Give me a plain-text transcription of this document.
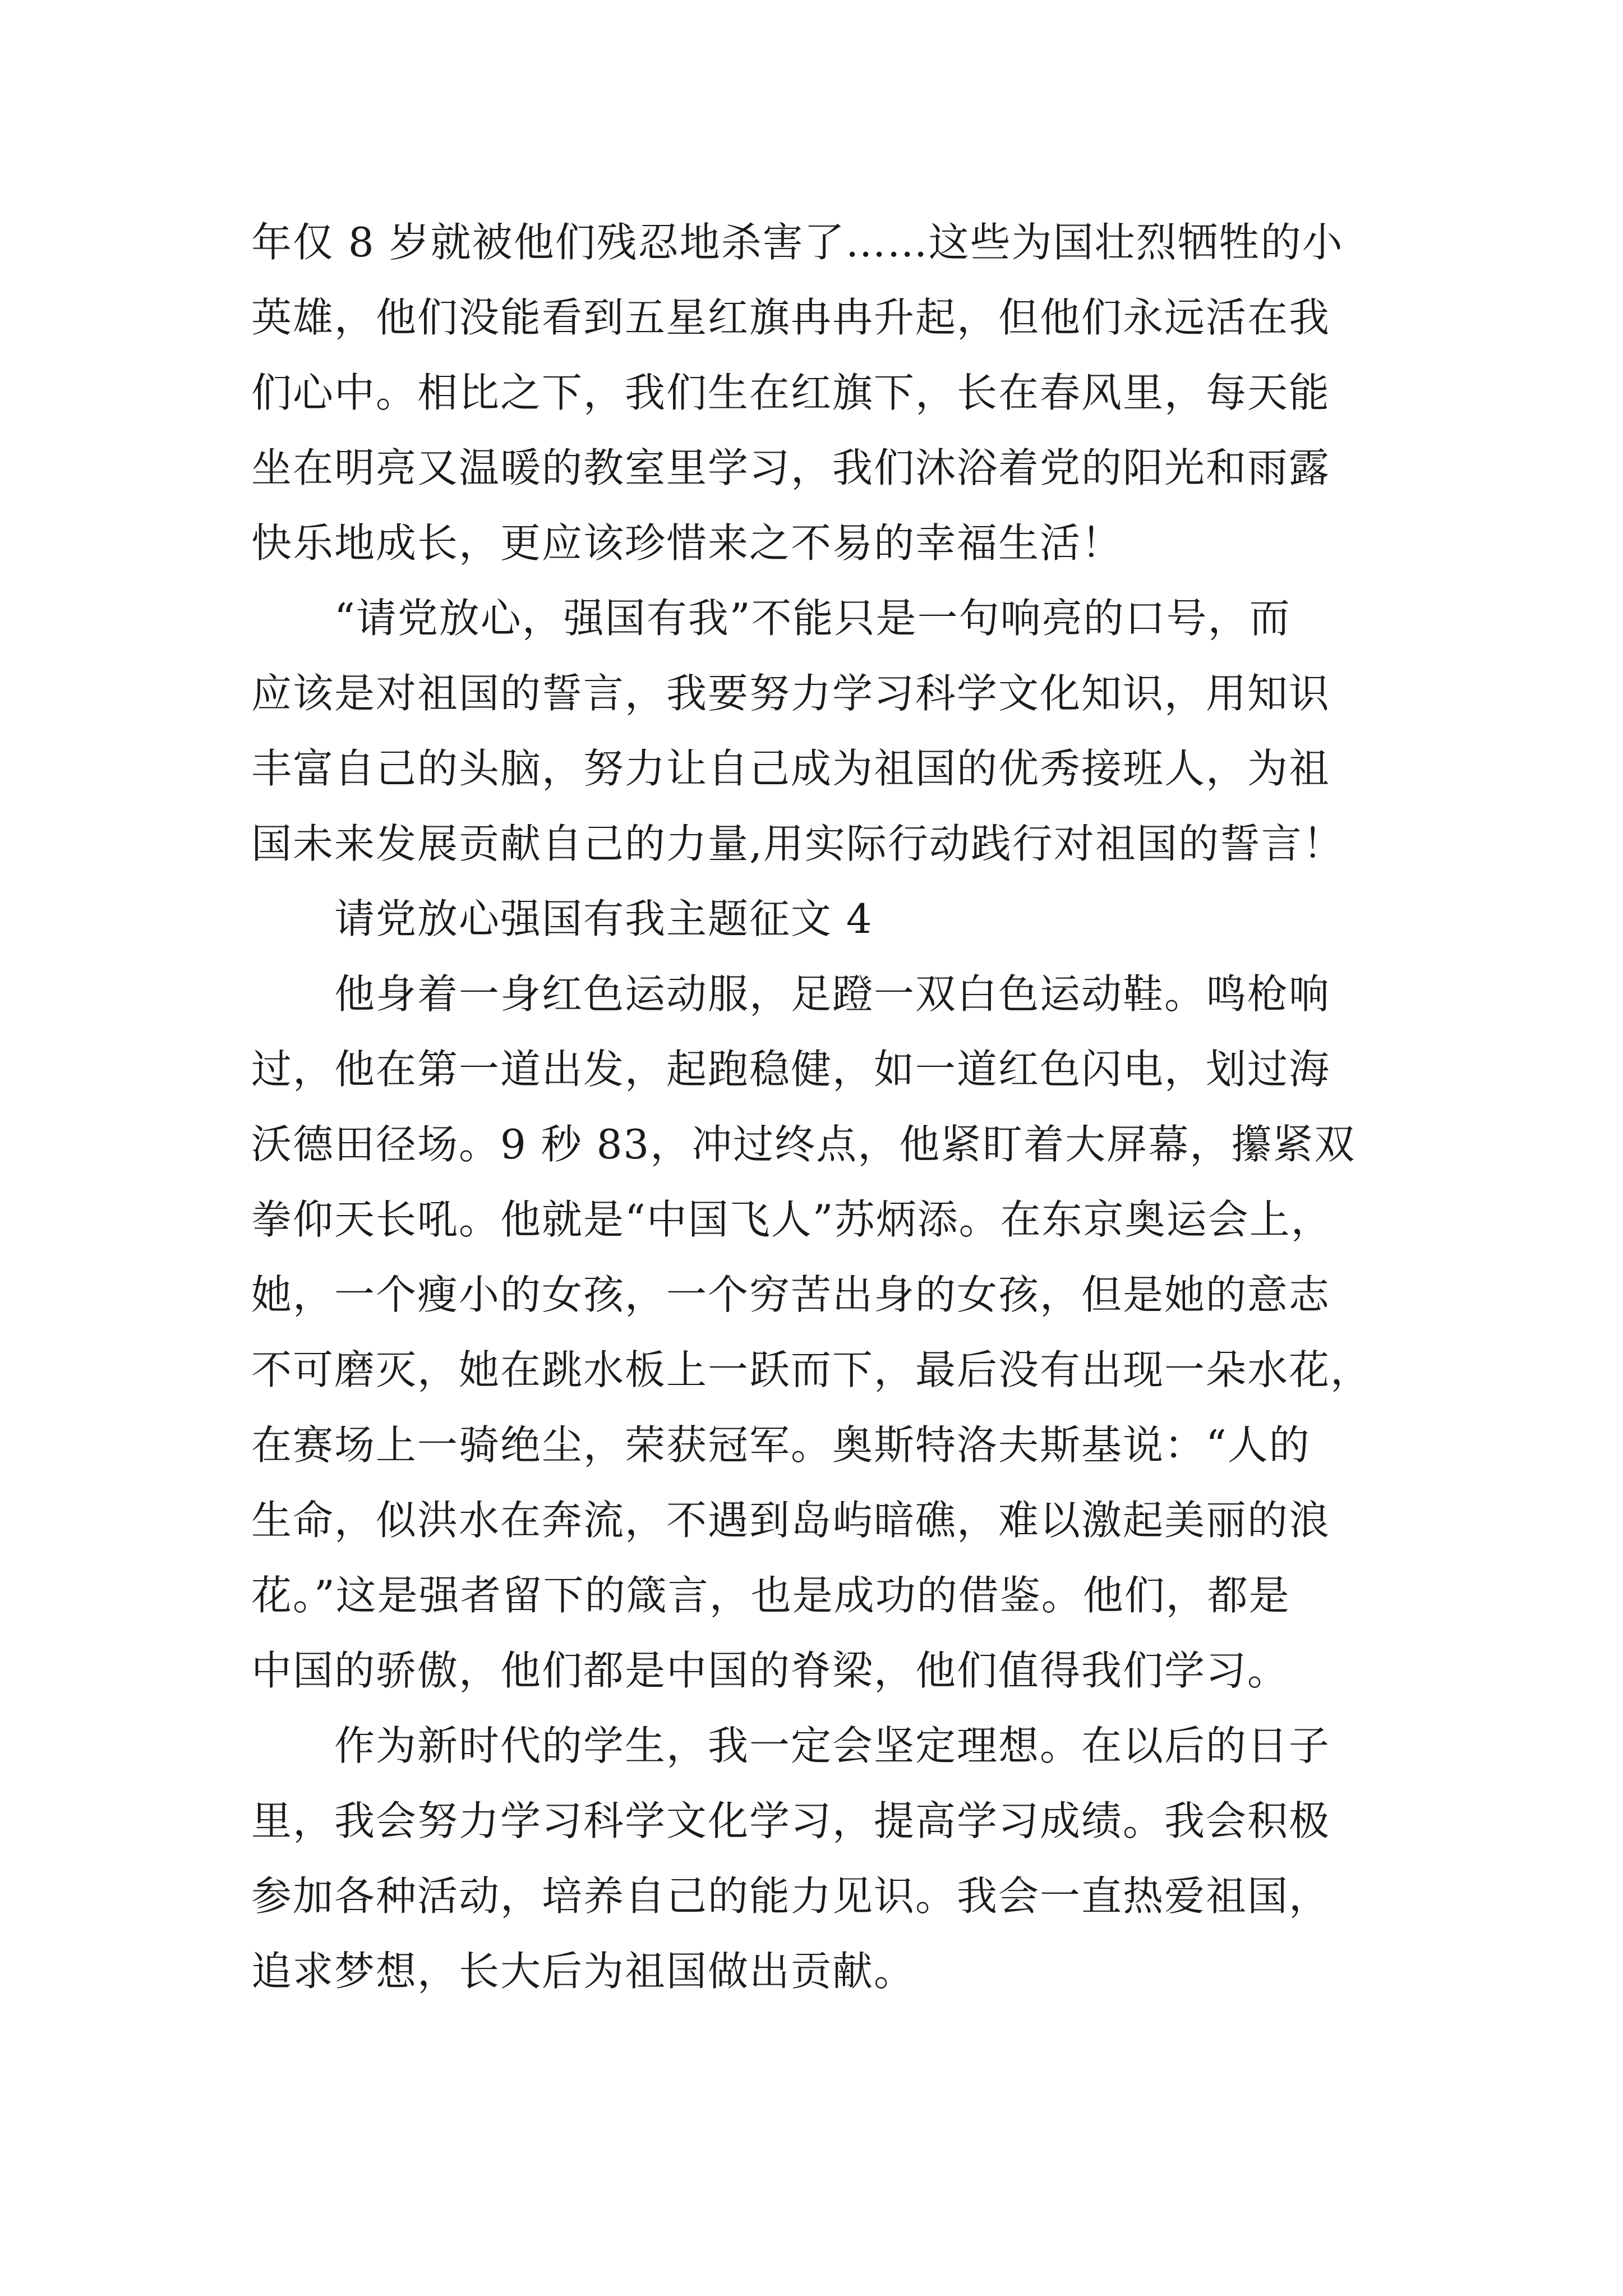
年仅 8 岁就被他们残忍地杀害了……这些为国壮烈牺牲的小
英雄，他们没能看到五星红旗冉冉升起，但他们永远活在我
们心中。相比之下，我们生在红旗下，长在春风里，每天能
坐在明亮又温暖的教室里学习，我们沐浴着党的阳光和雨露
快乐地成长，更应该珍惜来之不易的幸福生活！
“请党放心，强国有我”不能只是一句响亮的口号，而
应该是对祖国的誓言，我要努力学习科学文化知识，用知识
丰富自己的头脑，努力让自己成为祖国的优秀接班人，为祖
国未来发展贡献自己的力量,用实际行动践行对祖国的誓言！
请党放心强国有我主题征文 4
他身着一身红色运动服，足蹬一双白色运动鞋。鸣枪响
过，他在第一道出发，起跑稳健，如一道红色闪电，划过海
沃德田径场。9 秒 83，冲过终点，他紧盯着大屏幕，攥紧双
拳仰天长吼。他就是“中国飞人”苏炳添。在东京奥运会上，
她，一个瘦小的女孩，一个穷苦出身的女孩，但是她的意志
不可磨灭，她在跳水板上一跃而下，最后没有出现一朵水花，
在赛场上一骑绝尘，荣获冠军。奥斯特洛夫斯基说：“人的
生命，似洪水在奔流，不遇到岛屿暗礁，难以激起美丽的浪
花。”这是强者留下的箴言，也是成功的借鉴。他们，都是
中国的骄傲，他们都是中国的脊梁，他们值得我们学习。
作为新时代的学生，我一定会坚定理想。在以后的日子
里，我会努力学习科学文化学习，提高学习成绩。我会积极
参加各种活动，培养自己的能力见识。我会一直热爱祖国，
追求梦想，长大后为祖国做出贡献。
